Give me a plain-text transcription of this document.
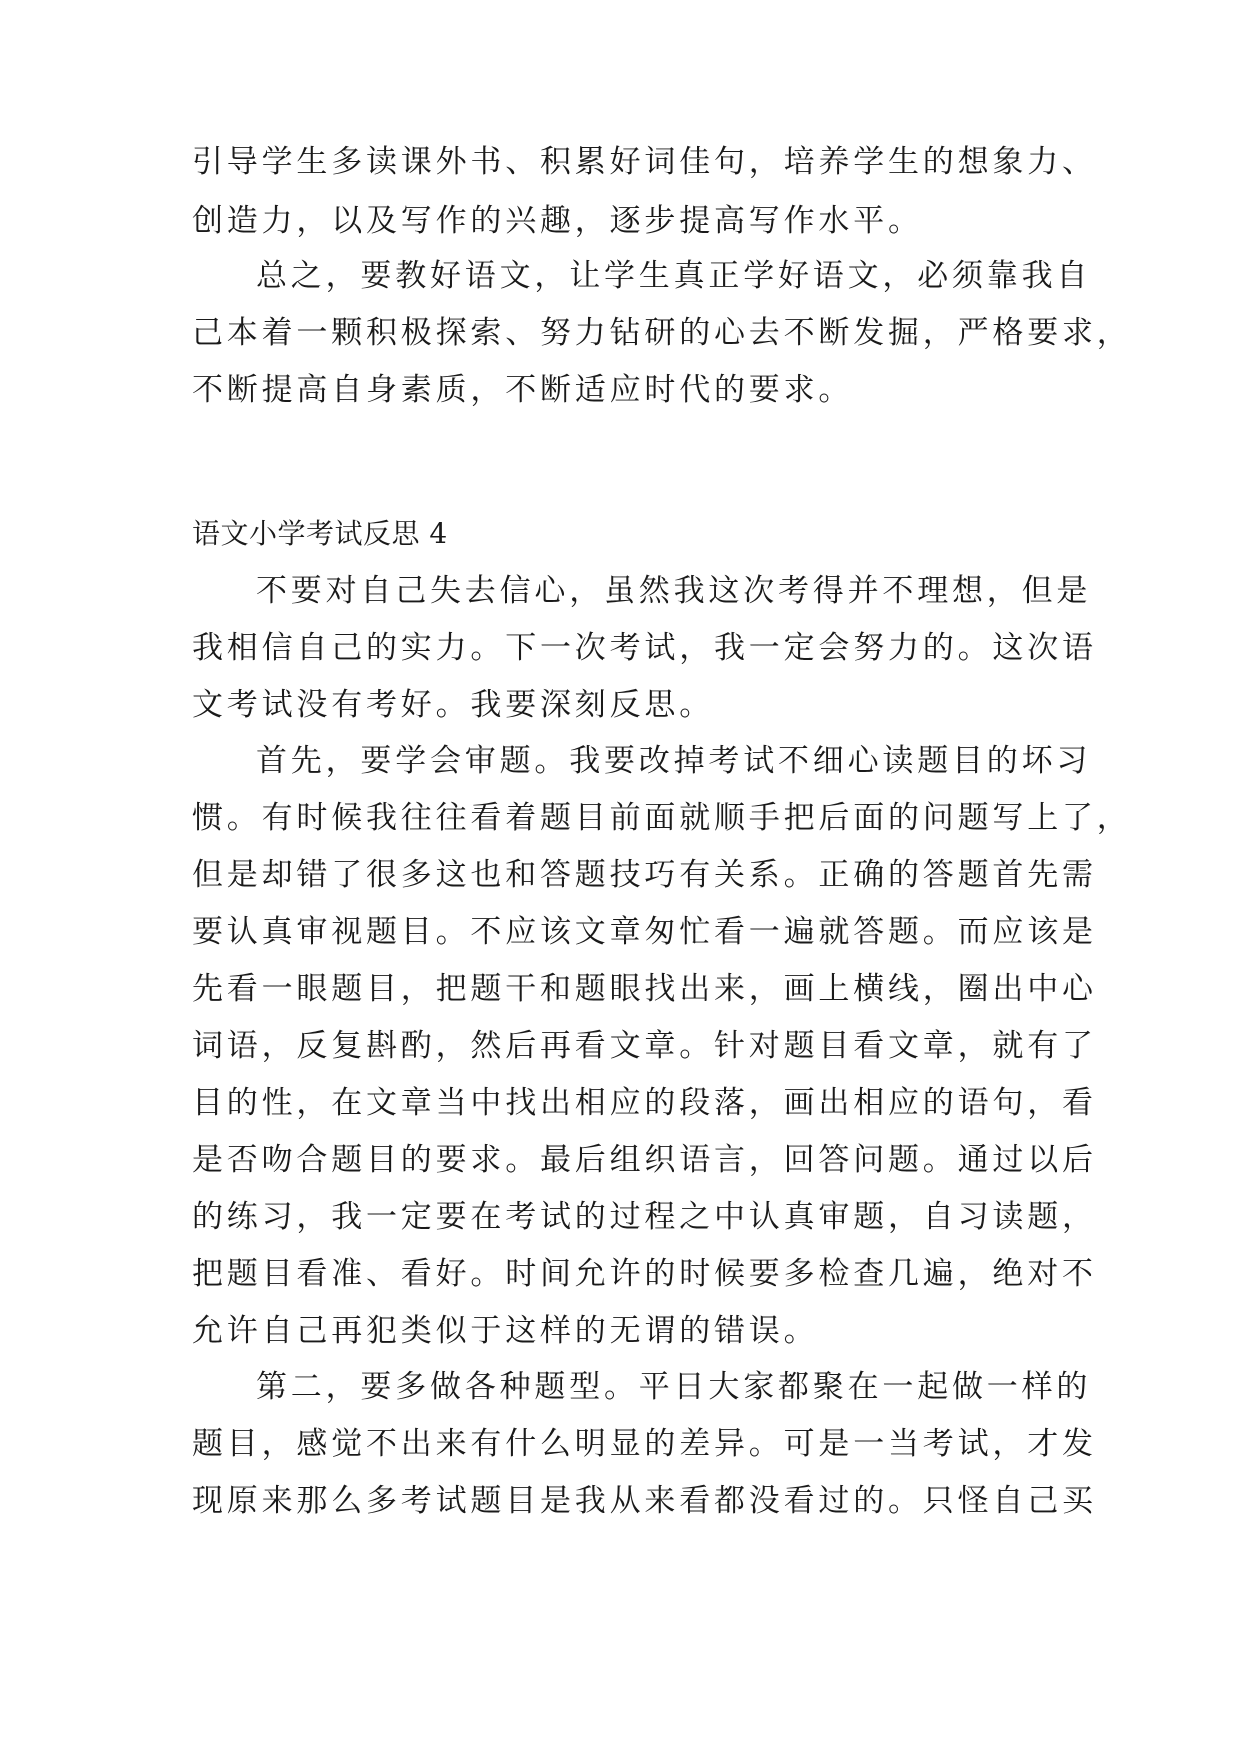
引导学生多读课外书、积累好词佳句，培养学生的想象力、
创造力，以及写作的兴趣，逐步提高写作水平。
总之，要教好语文，让学生真正学好语文，必须靠我自
己本着一颗积极探索、努力钻研的心去不断发掘，严格要求，
不断提高自身素质，不断适应时代的要求。
语文小学考试反思 4
不要对自己失去信心，虽然我这次考得并不理想，但是
我相信自己的实力。下一次考试，我一定会努力的。这次语
文考试没有考好。我要深刻反思。
首先，要学会审题。我要改掉考试不细心读题目的坏习
惯。有时候我往往看着题目前面就顺手把后面的问题写上了，
但是却错了很多这也和答题技巧有关系。正确的答题首先需
要认真审视题目。不应该文章匆忙看一遍就答题。而应该是
先看一眼题目，把题干和题眼找出来，画上横线，圈出中心
词语，反复斟酌，然后再看文章。针对题目看文章，就有了
目的性，在文章当中找出相应的段落，画出相应的语句，看
是否吻合题目的要求。最后组织语言，回答问题。通过以后
的练习，我一定要在考试的过程之中认真审题，自习读题，
把题目看准、看好。时间允许的时候要多检查几遍，绝对不
允许自己再犯类似于这样的无谓的错误。
第二，要多做各种题型。平日大家都聚在一起做一样的
题目，感觉不出来有什么明显的差异。可是一当考试，才发
现原来那么多考试题目是我从来看都没看过的。只怪自己买
